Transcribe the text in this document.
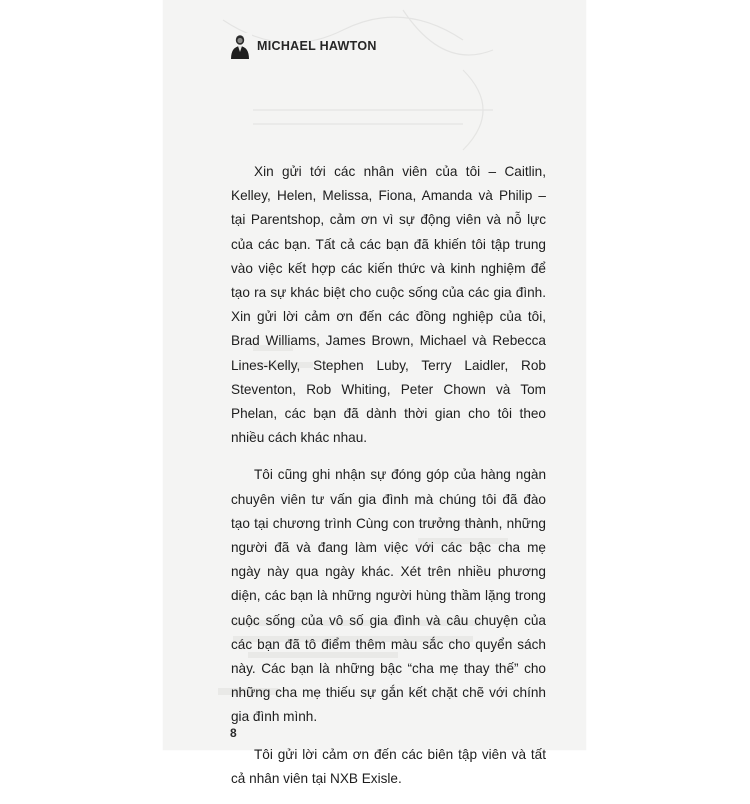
MICHAEL HAWTON

Xin gửi tới các nhân viên của tôi – Caitlin, Kelley, Helen, Melissa, Fiona, Amanda và Philip – tại Parentshop, cảm ơn vì sự động viên và nỗ lực của các bạn. Tất cả các bạn đã khiến tôi tập trung vào việc kết hợp các kiến thức và kinh nghiệm để tạo ra sự khác biệt cho cuộc sống của các gia đình. Xin gửi lời cảm ơn đến các đồng nghiệp của tôi, Brad Williams, James Brown, Michael và Rebecca Lines-Kelly, Stephen Luby, Terry Laidler, Rob Steventon, Rob Whiting, Peter Chown và Tom Phelan, các bạn đã dành thời gian cho tôi theo nhiều cách khác nhau.

Tôi cũng ghi nhận sự đóng góp của hàng ngàn chuyên viên tư vấn gia đình mà chúng tôi đã đào tạo tại chương trình Cùng con trưởng thành, những người đã và đang làm việc với các bậc cha mẹ ngày này qua ngày khác. Xét trên nhiều phương diện, các bạn là những người hùng thầm lặng trong cuộc sống của vô số gia đình và câu chuyện của các bạn đã tô điểm thêm màu sắc cho quyển sách này. Các bạn là những bậc “cha mẹ thay thế” cho những cha mẹ thiếu sự gắn kết chặt chẽ với chính gia đình mình.

Tôi gửi lời cảm ơn đến các biên tập viên và tất cả nhân viên tại NXB Exisle.

8
